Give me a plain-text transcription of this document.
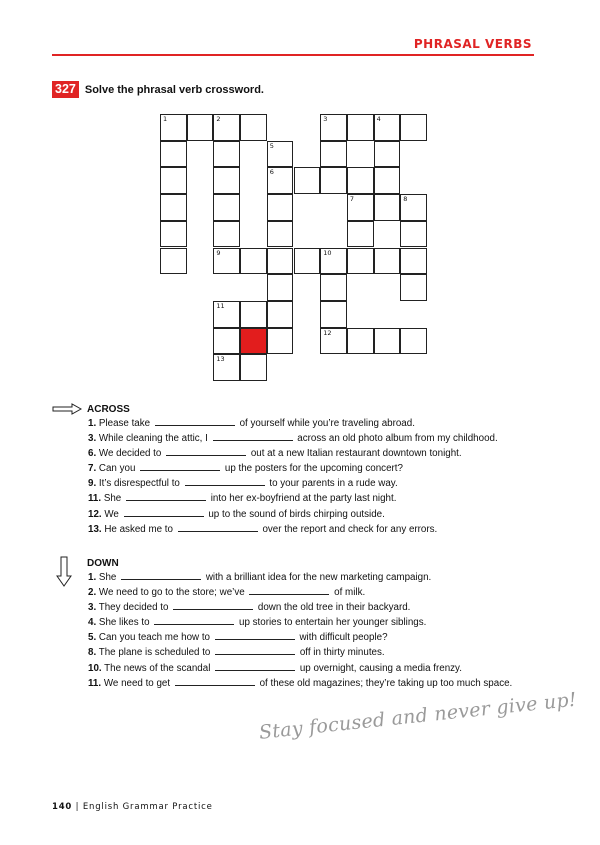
PHRASAL VERBS
327 Solve the phrasal verb crossword.
1	2	3	4
5
6
7	8
9	10
11
12
13
ACROSS
1. Please take	of yourself while you’re traveling abroad.
3. While cleaning the attic, I	across an old photo album from my childhood.
6. We decided to	out at a new Italian restaurant downtown tonight.
7. Can you	up the posters for the upcoming concert?
9. It’s disrespectful to	to your parents in a rude way.
11. She	into her ex-boyfriend at the party last night.
12. We	up to the sound of birds chirping outside.
13. He asked me to	over the report and check for any errors.
DOWN
1. She	with a brilliant idea for the new marketing campaign.
2. We need to go to the store; we’ve	of milk.
3. They decided to	down the old tree in their backyard.
4. She likes to	up stories to entertain her younger siblings.
5. Can you teach me how to	with difficult people?
8. The plane is scheduled to	off in thirty minutes.
10. The news of the scandal	up overnight, causing a media frenzy.
11. We need to get	of these old magazines; they’re taking up too much space.
Stay focused and never give up!
140 | English Grammar Practice
